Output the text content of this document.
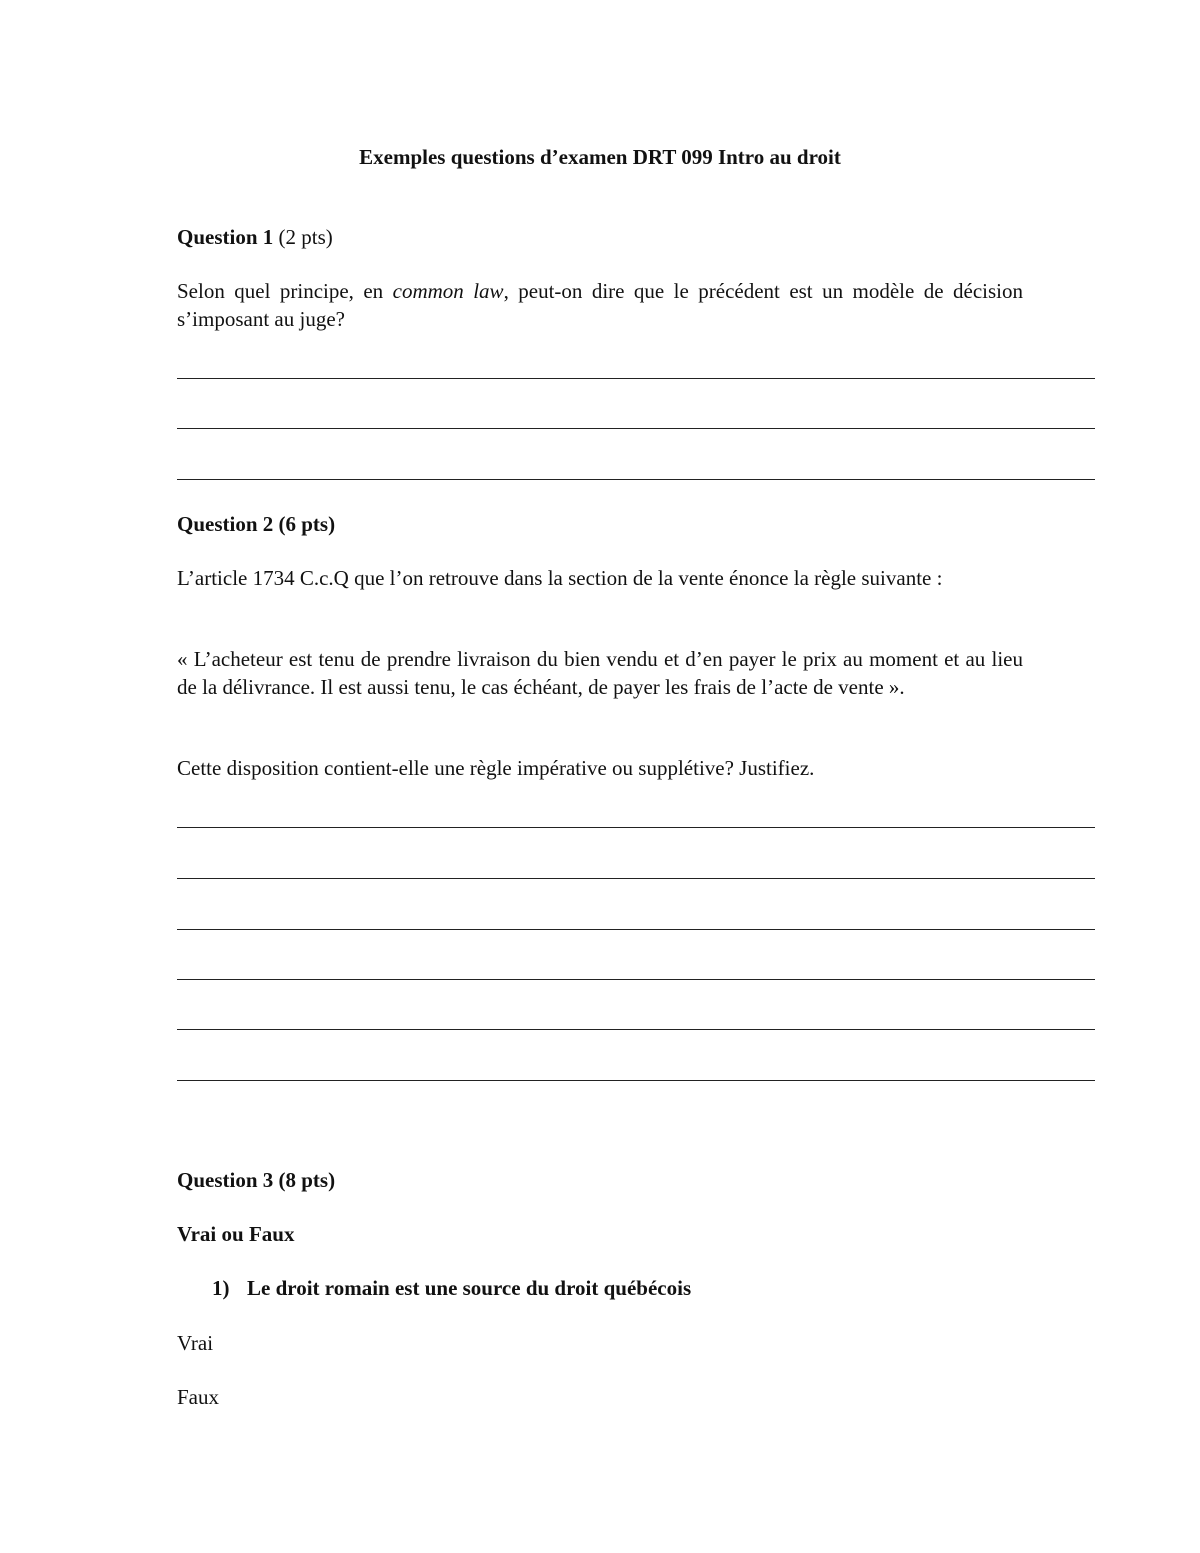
Exemples questions d’examen DRT 099 Intro au droit
Question 1 (2 pts)
Selon quel principe, en common law, peut-on dire que le précédent est un modèle de décision s’imposant au juge?
Question 2 (6 pts)
L’article 1734 C.c.Q que l’on retrouve dans la section de la vente énonce la règle suivante :
« L’acheteur est tenu de prendre livraison du bien vendu et d’en payer le prix au moment et au lieu de la délivrance. Il est aussi tenu, le cas échéant, de payer les frais de l’acte de vente ».
Cette disposition contient-elle une règle impérative ou supplétive? Justifiez.
Question 3 (8 pts)
Vrai ou Faux
1) Le droit romain est une source du droit québécois
Vrai
Faux
